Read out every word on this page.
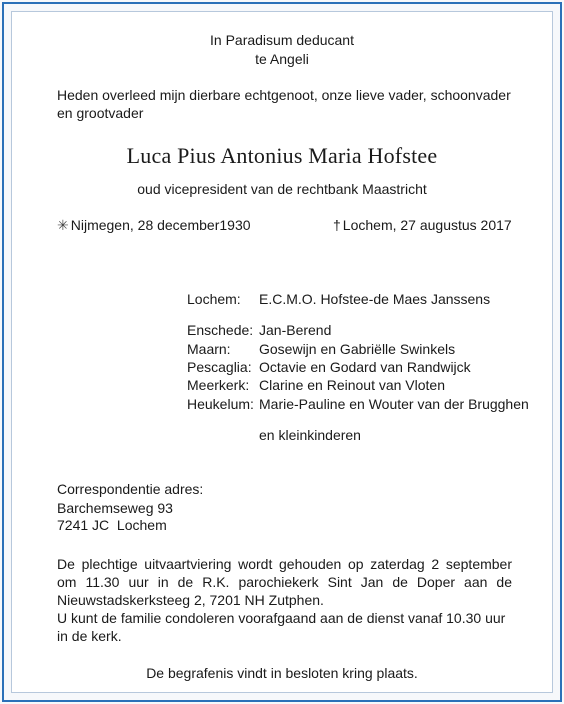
In Paradisum deducant
te Angeli
Heden overleed mijn dierbare echtgenoot, onze lieve vader, schoonvader en grootvader
Luca Pius Antonius Maria Hofstee
oud vicepresident van de rechtbank Maastricht
✳ Nijmegen, 28 december1930	† Lochem, 27 augustus 2017
Lochem: E.C.M.O. Hofstee-de Maes Janssens
Enschede: Jan-Berend
Maarn: Gosewijn en Gabriëlle Swinkels
Pescaglia: Octavie en Godard van Randwijck
Meerkerk: Clarine en Reinout van Vloten
Heukelum: Marie-Pauline en Wouter van der Brugghen
en kleinkinderen
Correspondentie adres:
Barchemseweg 93
7241 JC  Lochem
De plechtige uitvaartviering wordt gehouden op zaterdag 2 september om 11.30 uur in de R.K. parochiekerk Sint Jan de Doper aan de Nieuwstadskerksteeg 2, 7201 NH Zutphen.
U kunt de familie condoleren voorafgaand aan de dienst vanaf 10.30 uur in de kerk.
De begrafenis vindt in besloten kring plaats.
